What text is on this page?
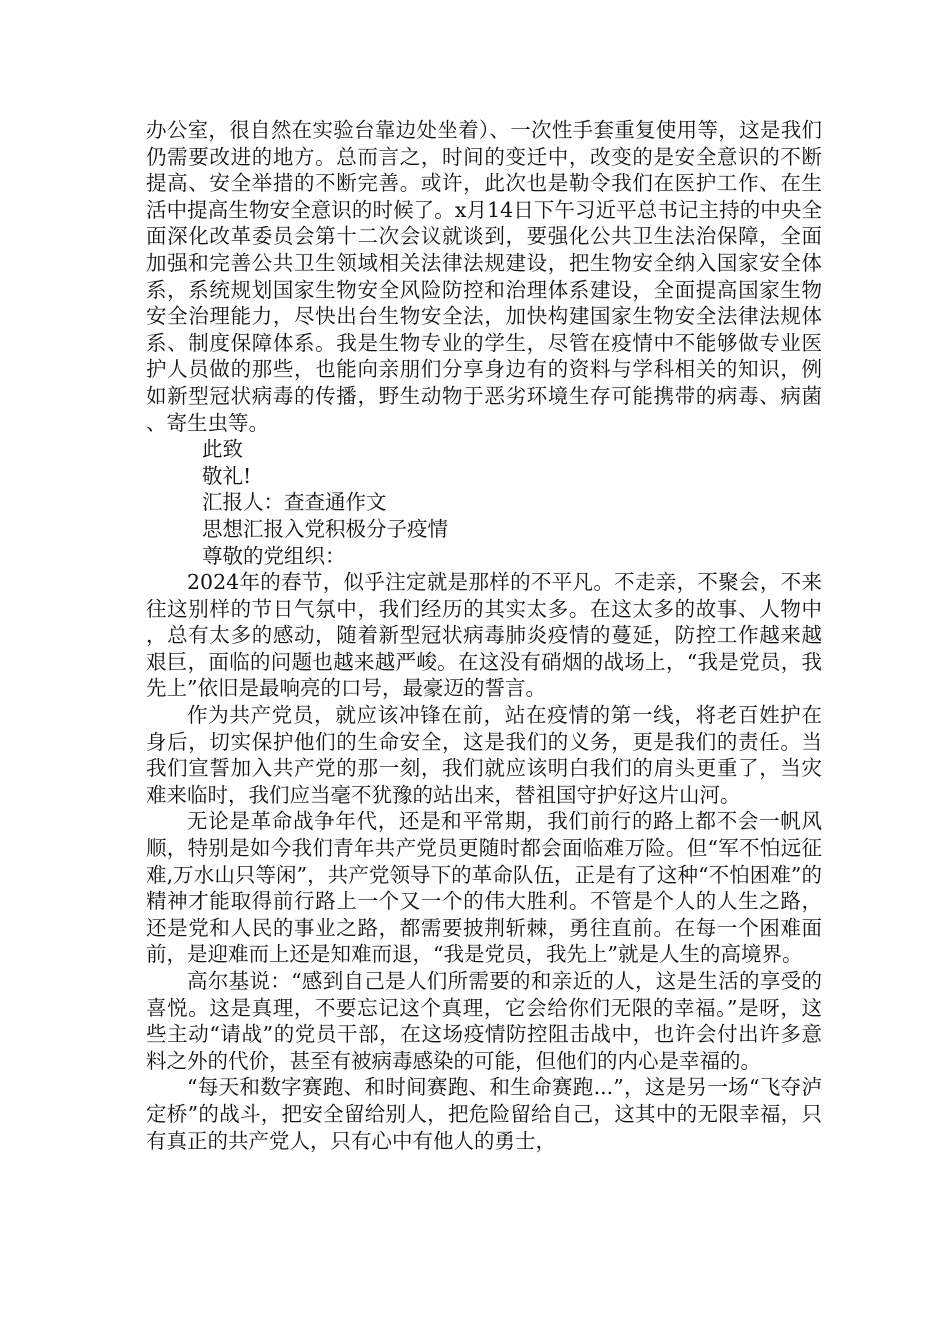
办公室，很自然在实验台靠边处坐着）、一次性手套重复使用等，这是我们仍需要改进的地方。总而言之，时间的变迁中，改变的是安全意识的不断提高、安全举措的不断完善。或许，此次也是勒令我们在医护工作、在生活中提高生物安全意识的时候了。x月14日下午习近平总书记主持的中央全面深化改革委员会第十二次会议就谈到，要强化公共卫生法治保障，全面加强和完善公共卫生领域相关法律法规建设，把生物安全纳入国家安全体系，系统规划国家生物安全风险防控和治理体系建设，全面提高国家生物安全治理能力，尽快出台生物安全法，加快构建国家生物安全法律法规体系、制度保障体系。我是生物专业的学生，尽管在疫情中不能够做专业医护人员做的那些，也能向亲朋们分享身边有的资料与学科相关的知识，例如新型冠状病毒的传播，野生动物于恶劣环境生存可能携带的病毒、病菌、寄生虫等。

此致

敬礼!

汇报人：查查通作文

思想汇报入党积极分子疫情

尊敬的党组织：

2024年的春节，似乎注定就是那样的不平凡。不走亲，不聚会，不来往这别样的节日气氛中，我们经历的其实太多。在这太多的故事、人物中，总有太多的感动，随着新型冠状病毒肺炎疫情的蔓延，防控工作越来越艰巨，面临的问题也越来越严峻。在这没有硝烟的战场上，“我是党员，我先上”依旧是最响亮的口号，最豪迈的誓言。

作为共产党员，就应该冲锋在前，站在疫情的第一线，将老百姓护在身后，切实保护他们的生命安全，这是我们的义务，更是我们的责任。当我们宣誓加入共产党的那一刻，我们就应该明白我们的肩头更重了，当灾难来临时，我们应当毫不犹豫的站出来，替祖国守护好这片山河。

无论是革命战争年代，还是和平常期，我们前行的路上都不会一帆风顺，特别是如今我们青年共产党员更随时都会面临难万险。但“军不怕远征难,万水山只等闲”，共产党领导下的革命队伍，正是有了这种“不怕困难”的精神才能取得前行路上一个又一个的伟大胜利。不管是个人的人生之路，还是党和人民的事业之路，都需要披荆斩棘，勇往直前。在每一个困难面前，是迎难而上还是知难而退，“我是党员，我先上”就是人生的高境界。

高尔基说：“感到自己是人们所需要的和亲近的人，这是生活的享受的喜悦。这是真理，不要忘记这个真理，它会给你们无限的幸福。”是呀，这些主动“请战”的党员干部，在这场疫情防控阻击战中，也许会付出许多意料之外的代价，甚至有被病毒感染的可能，但他们的内心是幸福的。

“每天和数字赛跑、和时间赛跑、和生命赛跑...”，这是另一场“飞夺泸定桥”的战斗，把安全留给别人，把危险留给自己，这其中的无限幸福，只有真正的共产党人，只有心中有他人的勇士，
